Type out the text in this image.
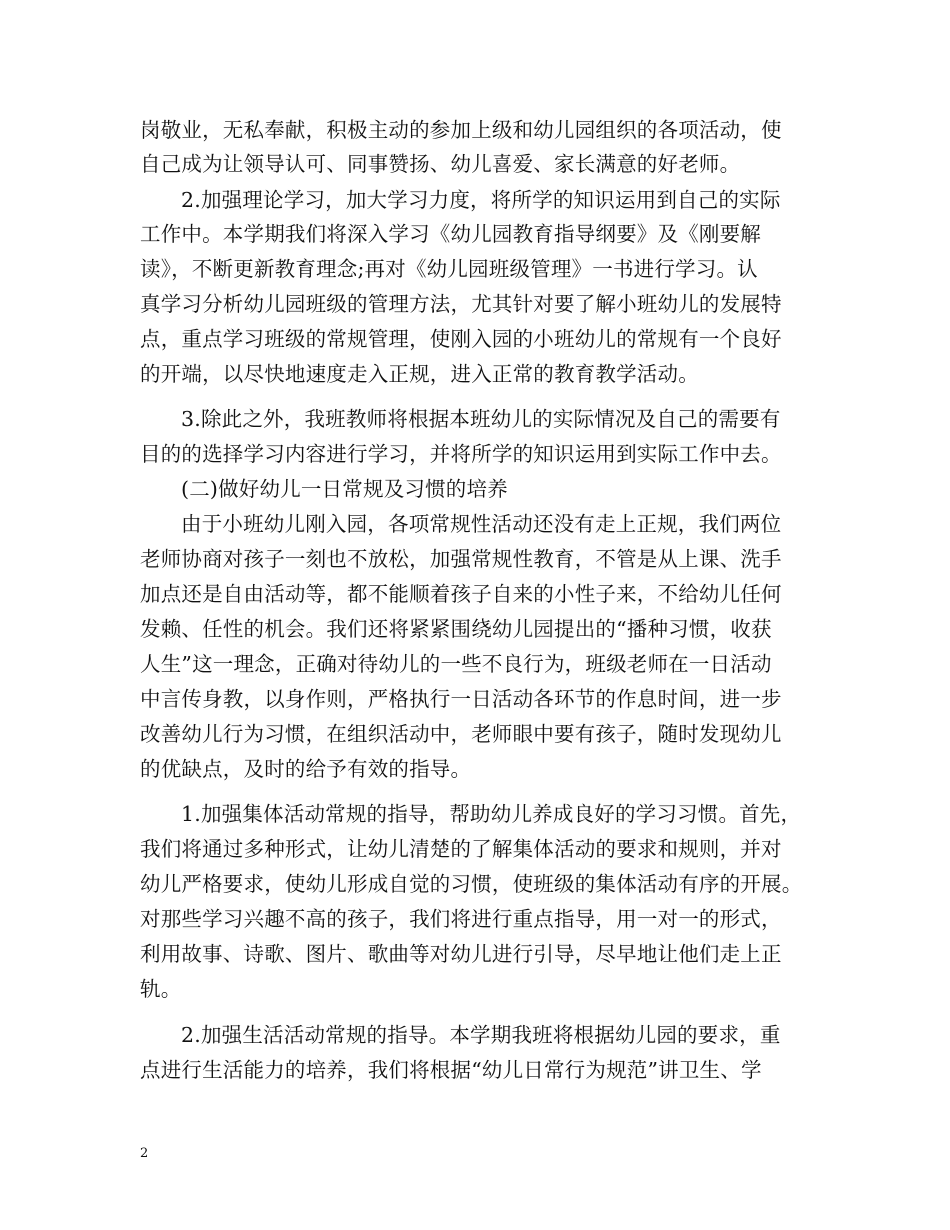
岗敬业，无私奉献，积极主动的参加上级和幼儿园组织的各项活动，使
自己成为让领导认可、同事赞扬、幼儿喜爱、家长满意的好老师。
2.加强理论学习，加大学习力度，将所学的知识运用到自己的实际
工作中。本学期我们将深入学习《幼儿园教育指导纲要》及《刚要解
读》，不断更新教育理念;再对《幼儿园班级管理》一书进行学习。认
真学习分析幼儿园班级的管理方法，尤其针对要了解小班幼儿的发展特
点，重点学习班级的常规管理，使刚入园的小班幼儿的常规有一个良好
的开端，以尽快地速度走入正规，进入正常的教育教学活动。
3.除此之外，我班教师将根据本班幼儿的实际情况及自己的需要有
目的的选择学习内容进行学习，并将所学的知识运用到实际工作中去。
(二)做好幼儿一日常规及习惯的培养
由于小班幼儿刚入园，各项常规性活动还没有走上正规，我们两位
老师协商对孩子一刻也不放松，加强常规性教育，不管是从上课、洗手
加点还是自由活动等，都不能顺着孩子自来的小性子来，不给幼儿任何
发赖、任性的机会。我们还将紧紧围绕幼儿园提出的“播种习惯，收获
人生”这一理念，正确对待幼儿的一些不良行为，班级老师在一日活动
中言传身教，以身作则，严格执行一日活动各环节的作息时间，进一步
改善幼儿行为习惯，在组织活动中，老师眼中要有孩子，随时发现幼儿
的优缺点，及时的给予有效的指导。
1.加强集体活动常规的指导，帮助幼儿养成良好的学习习惯。首先，
我们将通过多种形式，让幼儿清楚的了解集体活动的要求和规则，并对
幼儿严格要求，使幼儿形成自觉的习惯，使班级的集体活动有序的开展。
对那些学习兴趣不高的孩子，我们将进行重点指导，用一对一的形式，
利用故事、诗歌、图片、歌曲等对幼儿进行引导，尽早地让他们走上正
轨。
2.加强生活活动常规的指导。本学期我班将根据幼儿园的要求，重
点进行生活能力的培养，我们将根据“幼儿日常行为规范”讲卫生、学
2
